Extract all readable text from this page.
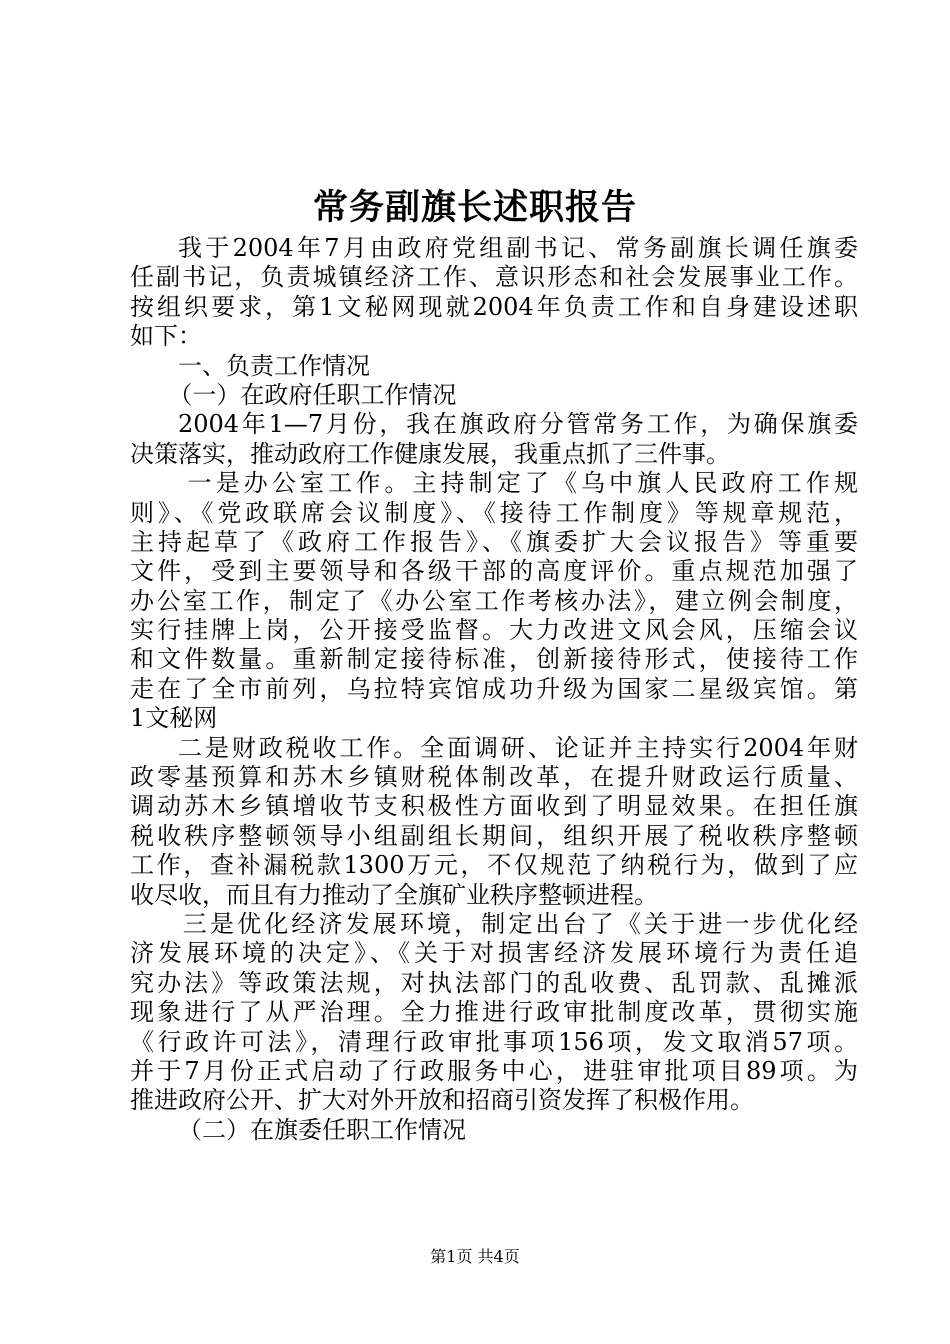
常务副旗长述职报告
我于2004年7月由政府党组副书记、常务副旗长调任旗委
任副书记，负责城镇经济工作、意识形态和社会发展事业工作。
按组织要求，第1文秘网现就2004年负责工作和自身建设述职
如下：
一、负责工作情况
（一）在政府任职工作情况
2004年1—7月份，我在旗政府分管常务工作，为确保旗委
决策落实，推动政府工作健康发展，我重点抓了三件事。
一是办公室工作。主持制定了《乌中旗人民政府工作规
则》、《党政联席会议制度》、《接待工作制度》等规章规范，
主持起草了《政府工作报告》、《旗委扩大会议报告》等重要
文件，受到主要领导和各级干部的高度评价。重点规范加强了
办公室工作，制定了《办公室工作考核办法》，建立例会制度，
实行挂牌上岗，公开接受监督。大力改进文风会风，压缩会议
和文件数量。重新制定接待标准，创新接待形式，使接待工作
走在了全市前列，乌拉特宾馆成功升级为国家二星级宾馆。第
1文秘网
二是财政税收工作。全面调研、论证并主持实行2004年财
政零基预算和苏木乡镇财税体制改革，在提升财政运行质量、
调动苏木乡镇增收节支积极性方面收到了明显效果。在担任旗
税收秩序整顿领导小组副组长期间，组织开展了税收秩序整顿
工作，查补漏税款1300万元，不仅规范了纳税行为，做到了应
收尽收，而且有力推动了全旗矿业秩序整顿进程。
三是优化经济发展环境，制定出台了《关于进一步优化经
济发展环境的决定》、《关于对损害经济发展环境行为责任追
究办法》等政策法规，对执法部门的乱收费、乱罚款、乱摊派
现象进行了从严治理。全力推进行政审批制度改革，贯彻实施
《行政许可法》，清理行政审批事项156项，发文取消57项。
并于7月份正式启动了行政服务中心，进驻审批项目89项。为
推进政府公开、扩大对外开放和招商引资发挥了积极作用。
（二）在旗委任职工作情况
第1页 共4页
